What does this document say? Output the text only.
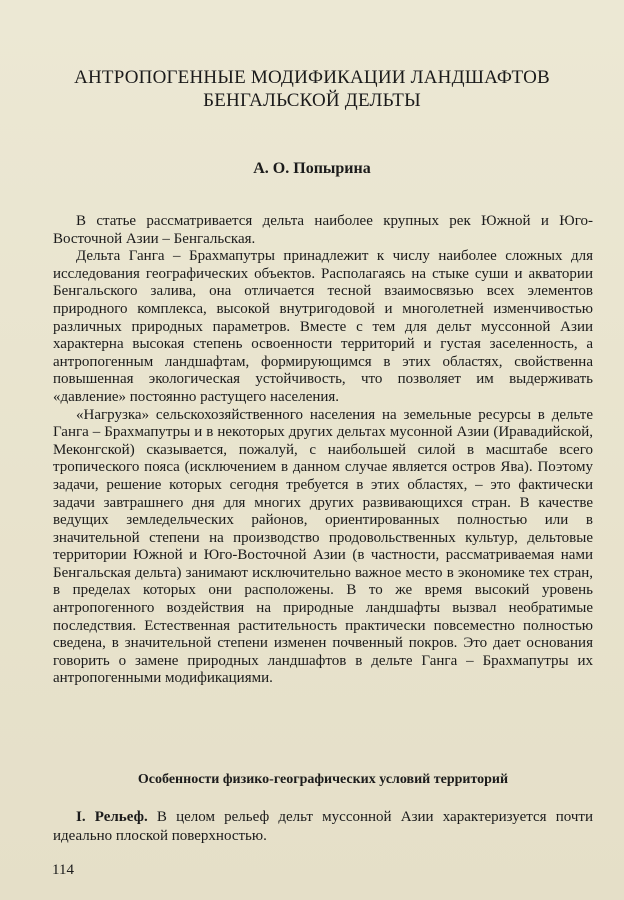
АНТРОПОГЕННЫЕ МОДИФИКАЦИИ ЛАНДШАФТОВ
БЕНГАЛЬСКОЙ ДЕЛЬТЫ
А. О. Попырина

В статье рассматривается дельта наиболее крупных рек Южной и Юго-Восточной Азии – Бенгальская.

Дельта Ганга – Брахмапутры принадлежит к числу наиболее сложных для исследования географических объектов. Располагаясь на стыке суши и акватории Бенгальского залива, она отличается тесной взаимосвязью всех элементов природного комплекса, высокой внутригодовой и многолетней изменчивостью различных природных параметров. Вместе с тем для дельт муссонной Азии характерна высокая степень освоенности территорий и густая заселенность, а антропогенным ландшафтам, формирующимся в этих областях, свойственна повышенная экологическая устойчивость, что позволяет им выдерживать «давление» постоянно растущего населения.

«Нагрузка» сельскохозяйственного населения на земельные ресурсы в дельте Ганга – Брахмапутры и в некоторых других дельтах мусонной Азии (Иравадийской, Меконгской) сказывается, пожалуй, с наибольшей силой в масштабе всего тропического пояса (исключением в данном случае является остров Ява). Поэтому задачи, решение которых сегодня требуется в этих областях, – это фактически задачи завтрашнего дня для многих других развивающихся стран. В качестве ведущих земледельческих районов, ориентированных полностью или в значительной степени на производство продовольственных культур, дельтовые территории Южной и Юго-Восточной Азии (в частности, рассматриваемая нами Бенгальская дельта) занимают исключительно важное место в экономике тех стран, в пределах которых они расположены. В то же время высокий уровень антропогенного воздействия на природные ландшафты вызвал необратимые последствия. Естественная растительность практически повсеместно полностью сведена, в значительной степени изменен почвенный покров. Это дает основания говорить о замене природных ландшафтов в дельте Ганга – Брахмапутры их антропогенными модификациями.

Особенности физико-географических условий территорий

I. Рельеф. В целом рельеф дельт муссонной Азии характеризуется почти идеально плоской поверхностью.

114
